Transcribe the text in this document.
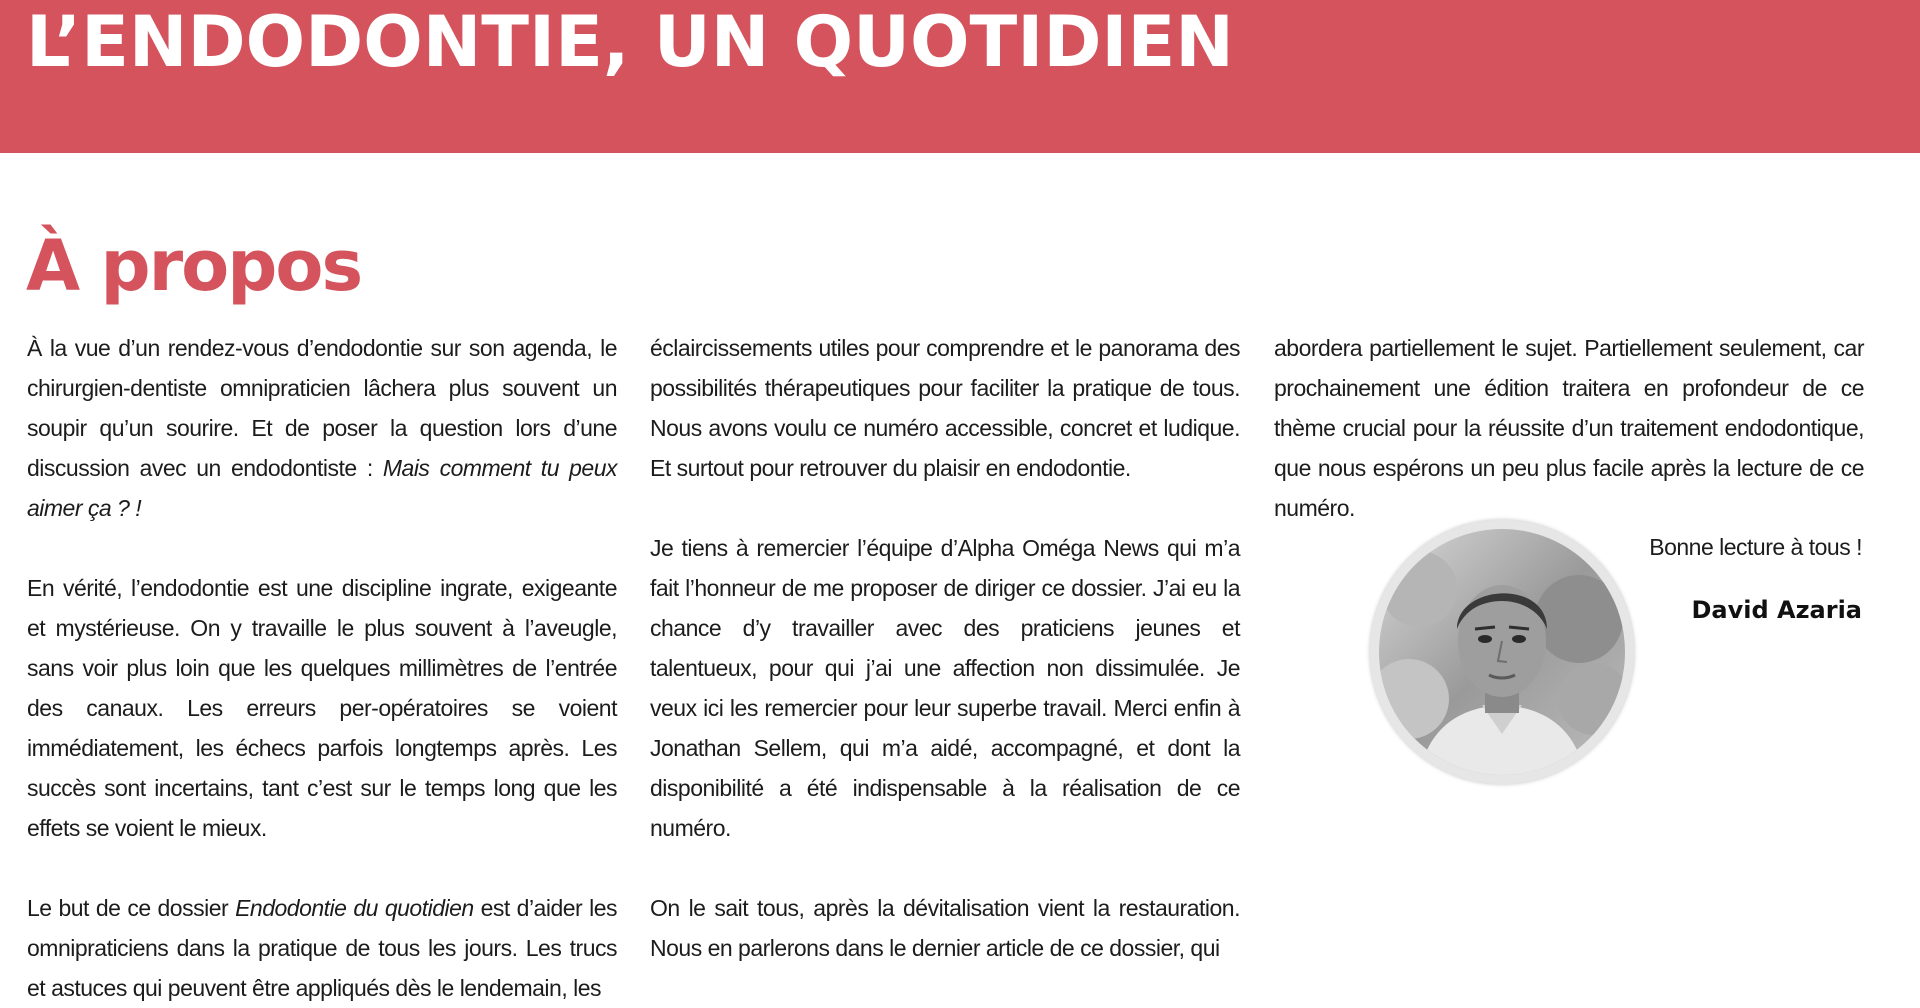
L’ENDODONTIE, UN QUOTIDIEN
À propos

À la vue d’un rendez-vous d’endodontie sur son agenda, le chirurgien-dentiste omnipraticien lâchera plus souvent un soupir qu’un sourire. Et de poser la question lors d’une discussion avec un endodontiste : Mais comment tu peux aimer ça ? !

En vérité, l’endodontie est une discipline ingrate, exigeante et mystérieuse. On y travaille le plus souvent à l’aveugle, sans voir plus loin que les quelques millimètres de l’entrée des canaux. Les erreurs per-opératoires se voient immédiatement, les échecs parfois longtemps après. Les succès sont incertains, tant c’est sur le temps long que les effets se voient le mieux.

Le but de ce dossier Endodontie du quotidien est d’aider les omnipraticiens dans la pratique de tous les jours. Les trucs et astuces qui peuvent être appliqués dès le lendemain, les

éclaircissements utiles pour comprendre et le panorama des possibilités thérapeutiques pour faciliter la pratique de tous. Nous avons voulu ce numéro accessible, concret et ludique. Et surtout pour retrouver du plaisir en endodontie.

Je tiens à remercier l’équipe d’Alpha Oméga News qui m’a fait l’honneur de me proposer de diriger ce dossier. J’ai eu la chance d’y travailler avec des praticiens jeunes et talentueux, pour qui j’ai une affection non dissimulée. Je veux ici les remercier pour leur superbe travail. Merci enfin à Jonathan Sellem, qui m’a aidé, accompagné, et dont la disponibilité a été indispensable à la réalisation de ce numéro.

On le sait tous, après la dévitalisation vient la restauration. Nous en parlerons dans le dernier article de ce dossier, qui

abordera partiellement le sujet. Partiellement seulement, car prochainement une édition traitera en profondeur de ce thème crucial pour la réussite d’un traitement endodontique, que nous espérons un peu plus facile après la lecture de ce numéro.

Bonne lecture à tous !

David Azaria
